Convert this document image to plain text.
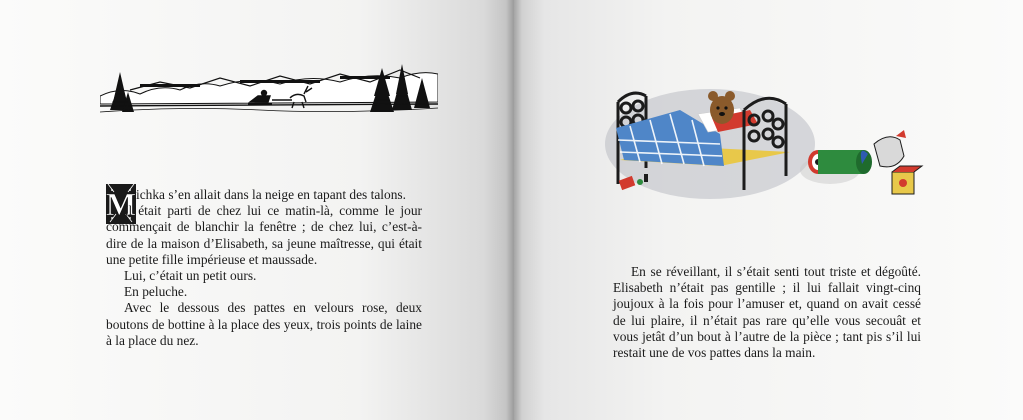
M ichka s’en allait dans la neige en tapant des talons.

Il était parti de chez lui ce matin-là, comme le jour commençait de blanchir la fenêtre ; de chez lui, c’est-à-dire de la maison d’Elisabeth, sa jeune maîtresse, qui était une petite fille impérieuse et maussade.

Lui, c’était un petit ours.

En peluche.

Avec le dessous des pattes en velours rose, deux boutons de bottine à la place des yeux, trois points de laine à la place du nez.

En se réveillant, il s’était senti tout triste et dégoûté. Elisabeth n’était pas gentille ; il lui fallait vingt-cinq joujoux à la fois pour l’amuser et, quand on avait cessé de lui plaire, il n’était pas rare qu’elle vous secouât et vous jetât d’un bout à l’autre de la pièce ; tant pis s’il lui restait une de vos pattes dans la main.
